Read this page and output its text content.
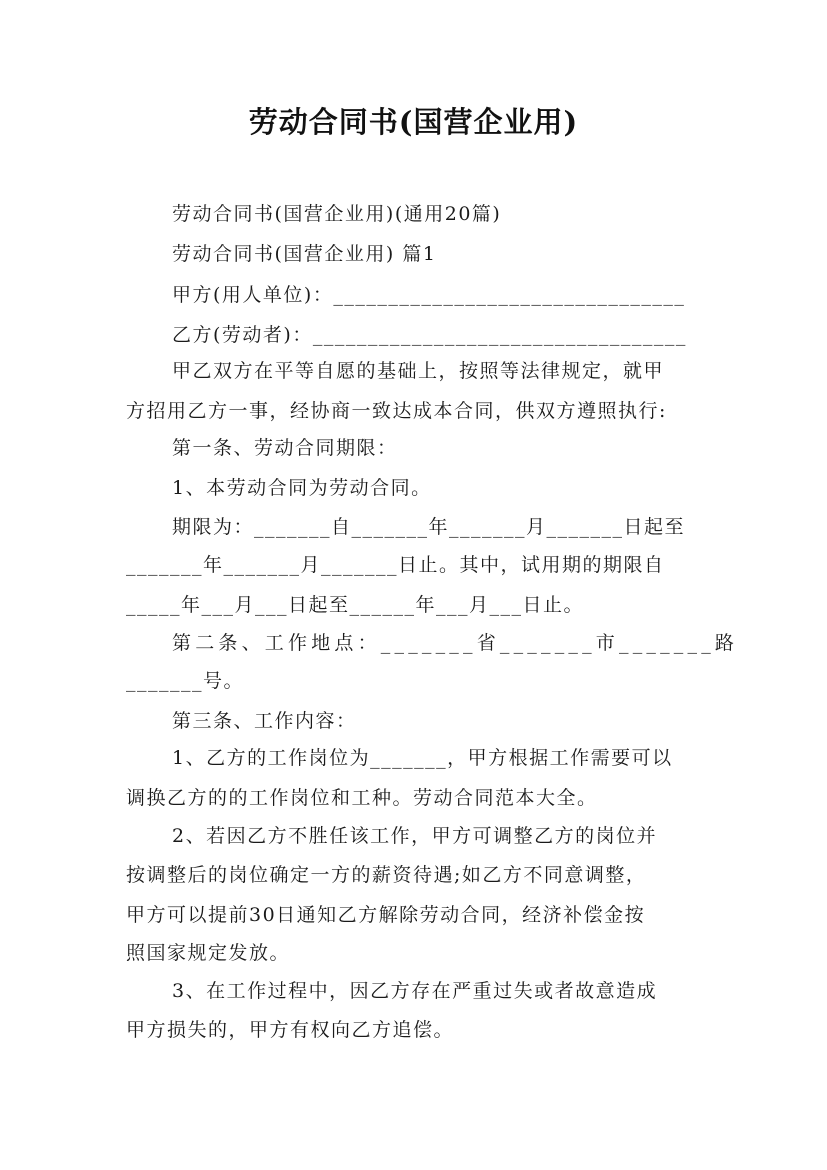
劳动合同书(国营企业用)
劳动合同书(国营企业用)(通用20篇)
劳动合同书(国营企业用) 篇1
甲方(用人单位)：________________________________
乙方(劳动者)：__________________________________
甲乙双方在平等自愿的基础上，按照等法律规定，就甲
方招用乙方一事，经协商一致达成本合同，供双方遵照执行:
第一条、劳动合同期限：
1、本劳动合同为劳动合同。
期限为：_______自_______年_______月_______日起至
_______年_______月_______日止。其中，试用期的期限自
_____年___月___日起至______年___月___日止。
第二条、工作地点：_______省_______市_______路
_______号。
第三条、工作内容：
1、乙方的工作岗位为_______，甲方根据工作需要可以
调换乙方的的工作岗位和工种。劳动合同范本大全。
2、若因乙方不胜任该工作，甲方可调整乙方的岗位并
按调整后的岗位确定一方的薪资待遇;如乙方不同意调整，
甲方可以提前30日通知乙方解除劳动合同，经济补偿金按
照国家规定发放。
3、在工作过程中，因乙方存在严重过失或者故意造成
甲方损失的，甲方有权向乙方追偿。
